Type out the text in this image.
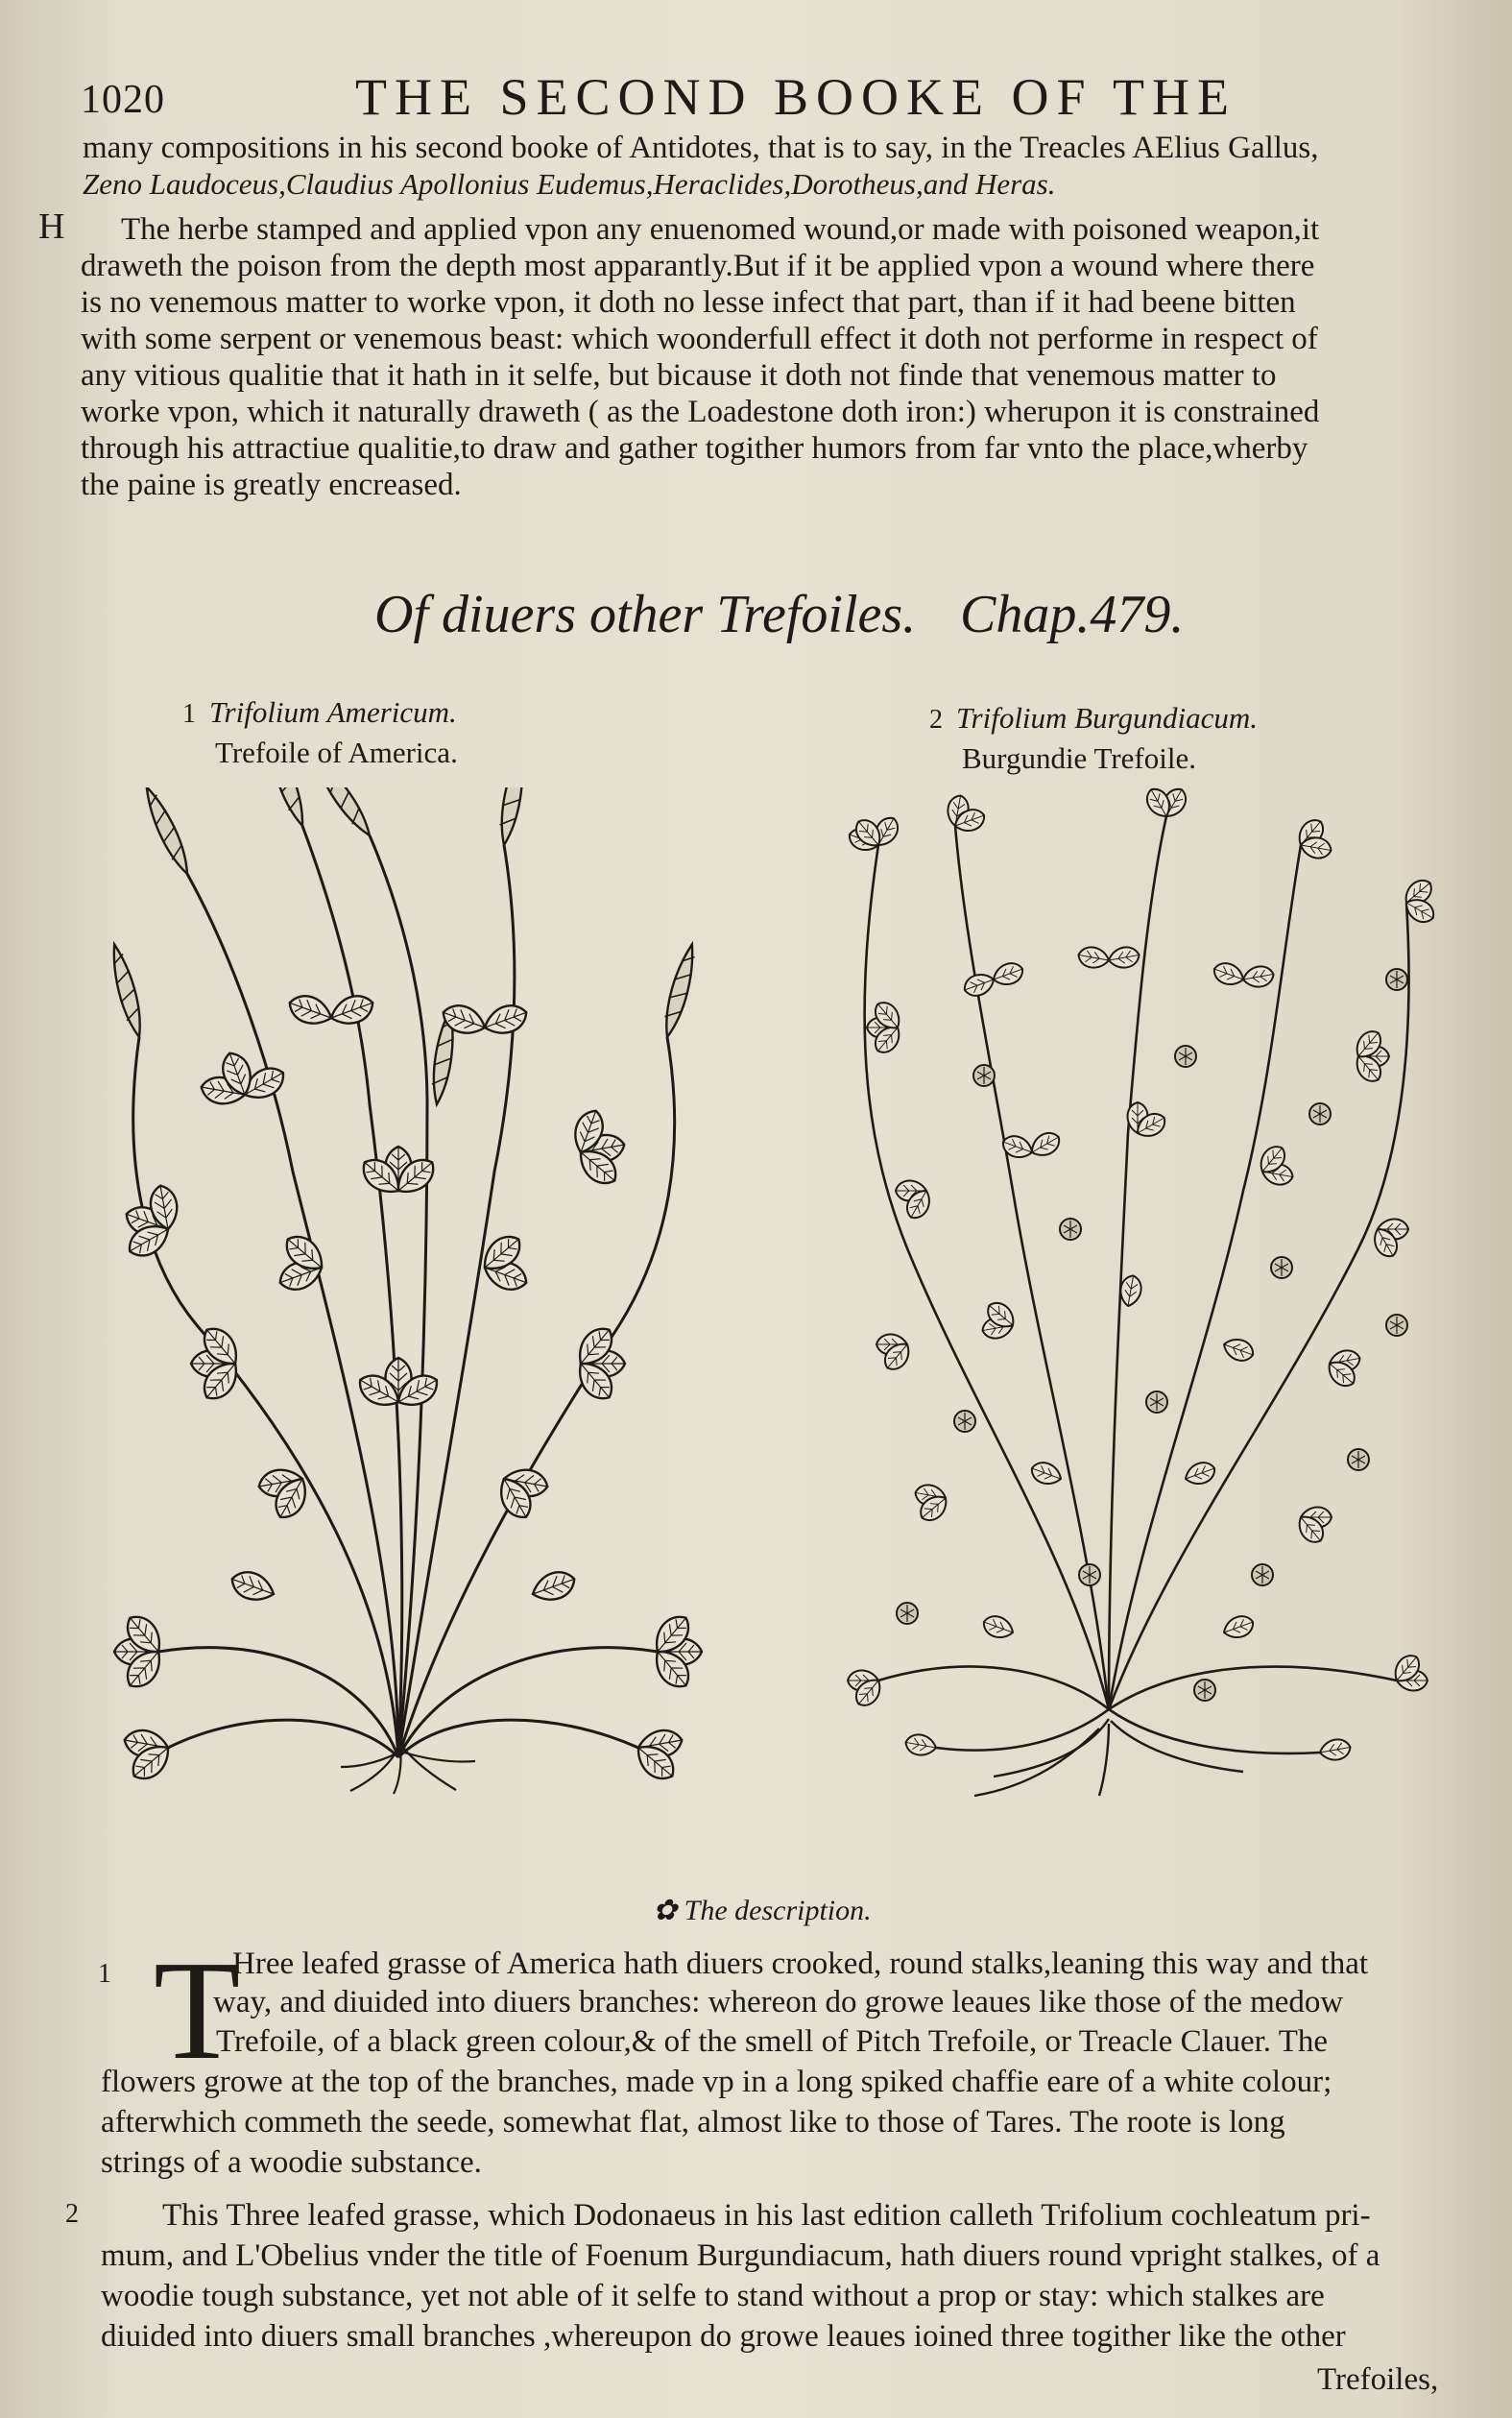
1020	THE SECOND BOOKE OF THE
many compositions in his second booke of Antidotes, that is to say, in the Treacles AElius Gallus,
Zeno Laudoceus,Claudius Apollonius Eudemus,Heraclides,Dorotheus,and Heras.
H The herbe stamped and applied vpon any enuenomed wound,or made with poisoned weapon,it
draweth the poison from the depth most apparantly.But if it be applied vpon a wound where there
is no venemous matter to worke vpon, it doth no lesse infect that part, than if it had beene bitten
with some serpent or venemous beast: which woonderfull effect it doth not performe in respect of
any vitious qualitie that it hath in it selfe, but bicause it doth not finde that venemous matter to
worke vpon, which it naturally draweth ( as the Loadestone doth iron:) wherupon it is constrained
through his attractiue qualitie,to draw and gather togither humors from far vnto the place,wherby
the paine is greatly encreased.
Of diuers other Trefoiles. Chap.479.
1 Trifolium Americum.
Trefoile of America.
2 Trifolium Burgundiacum.
Burgundie Trefoile.
✿ The description.
1 T
Hree leafed grasse of America hath diuers crooked, round stalks,leaning this way and that
way, and diuided into diuers branches: whereon do growe leaues like those of the medow
Trefoile, of a black green colour,& of the smell of Pitch Trefoile, or Treacle Clauer. The
flowers growe at the top of the branches, made vp in a long spiked chaffie eare of a white colour;
afterwhich commeth the seede, somewhat flat, almost like to those of Tares. The roote is long
strings of a woodie substance.
2	This Three leafed grasse, which Dodonaeus in his last edition calleth Trifolium cochleatum pri-
mum, and L'Obelius vnder the title of Foenum Burgundiacum, hath diuers round vpright stalkes, of a
woodie tough substance, yet not able of it selfe to stand without a prop or stay: which stalkes are
diuided into diuers small branches ,whereupon do growe leaues ioined three togither like the other
Trefoiles,
